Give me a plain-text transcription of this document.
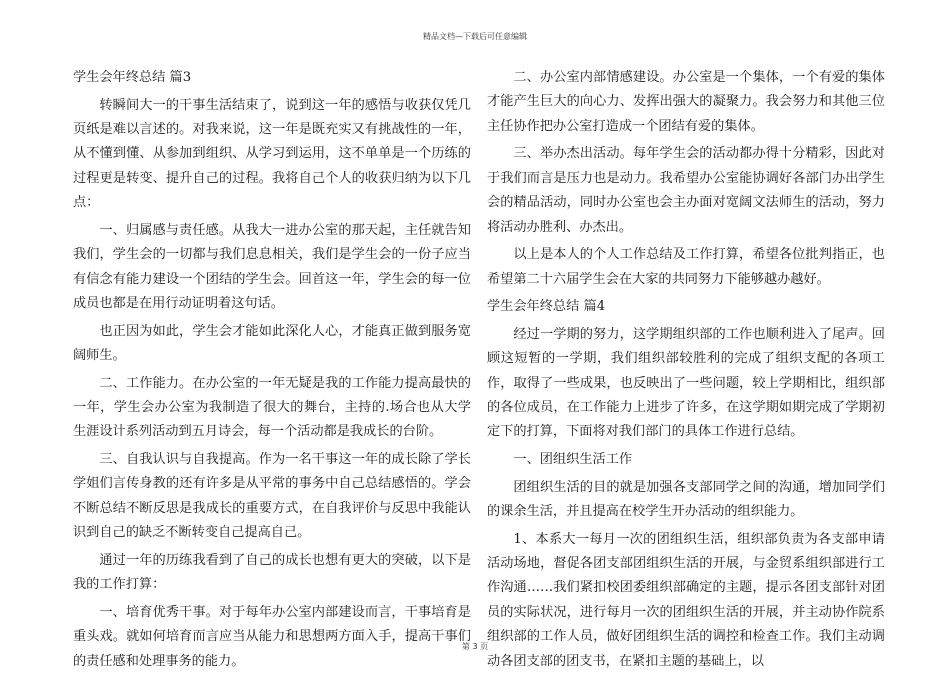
精品文档—下载后可任意编辑

学生会年终总结 篇3

转瞬间大一的干事生活结束了，说到这一年的感悟与收获仅凭几页纸是难以言述的。对我来说，这一年是既充实又有挑战性的一年，从不懂到懂、从参加到组织、从学习到运用，这不单单是一个历练的过程更是转变、提升自己的过程。我将自己个人的收获归纳为以下几点：

一、归属感与责任感。从我大一进办公室的那天起，主任就告知我们，学生会的一切都与我们息息相关，我们是学生会的一份子应当有信念有能力建设一个团结的学生会。回首这一年，学生会的每一位成员也都是在用行动证明着这句话。

也正因为如此，学生会才能如此深化人心，才能真正做到服务宽阔师生。

二、工作能力。在办公室的一年无疑是我的工作能力提高最快的一年，学生会办公室为我制造了很大的舞台，主持的.场合也从大学生涯设计系列活动到五月诗会，每一个活动都是我成长的台阶。

三、自我认识与自我提高。作为一名干事这一年的成长除了学长学姐们言传身教的还有许多是从平常的事务中自己总结感悟的。学会不断总结不断反思是我成长的重要方式，在自我评价与反思中我能认识到自己的缺乏不断转变自己提高自己。

通过一年的历练我看到了自己的成长也想有更大的突破，以下是我的工作打算：

一、培育优秀干事。对于每年办公室内部建设而言，干事培育是重头戏。就如何培育而言应当从能力和思想两方面入手，提高干事们的责任感和处理事务的能力。

二、办公室内部情感建设。办公室是一个集体，一个有爱的集体才能产生巨大的向心力、发挥出强大的凝聚力。我会努力和其他三位主任协作把办公室打造成一个团结有爱的集体。

三、举办杰出活动。每年学生会的活动都办得十分精彩，因此对于我们而言是压力也是动力。我希望办公室能协调好各部门办出学生会的精品活动，同时办公室也会主办面对宽阔文法师生的活动，努力将活动办胜利、办杰出。

以上是本人的个人工作总结及工作打算，希望各位批判指正，也希望第二十六届学生会在大家的共同努力下能够越办越好。

学生会年终总结 篇4

经过一学期的努力，这学期组织部的工作也顺利进入了尾声。回顾这短暂的一学期，我们组织部较胜利的完成了组织支配的各项工作，取得了一些成果，也反映出了一些问题，较上学期相比，组织部的各位成员，在工作能力上进步了许多，在这学期如期完成了学期初定下的打算，下面将对我们部门的具体工作进行总结。

一、团组织生活工作

团组织生活的目的就是加强各支部同学之间的沟通，增加同学们的课余生活，并且提高在校学生开办活动的组织能力。

1、本系大一每月一次的团组织生活，组织部负责为各支部申请活动场地，督促各团支部团组织生活的开展，与金贸系组织部进行工作沟通……我们紧扣校团委组织部确定的主题，提示各团支部针对团员的实际状况，进行每月一次的团组织生活的开展，并主动协作院系组织部的工作人员，做好团组织生活的调控和检查工作。我们主动调动各团支部的团支书，在紧扣主题的基础上，以

第 3 页
